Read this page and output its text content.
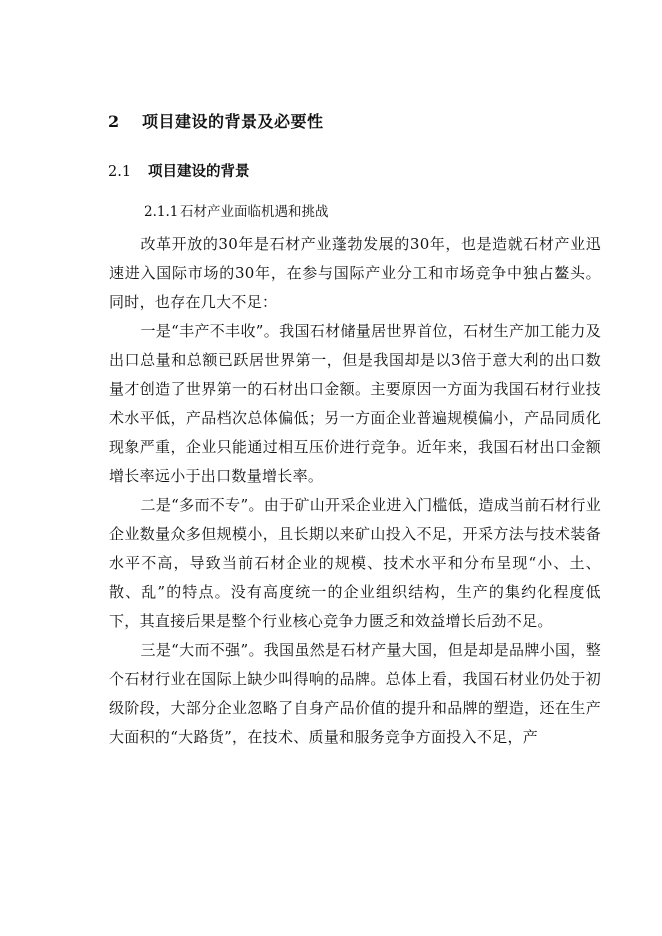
2 项目建设的背景及必要性
2.1 项目建设的背景
2.1.1 石材产业面临机遇和挑战

改革开放的30年是石材产业蓬勃发展的30年，也是造就石材产业迅速进入国际市场的30年，在参与国际产业分工和市场竞争中独占鳌头。同时，也存在几大不足：

一是“丰产不丰收”。我国石材储量居世界首位，石材生产加工能力及出口总量和总额已跃居世界第一，但是我国却是以3倍于意大利的出口数量才创造了世界第一的石材出口金额。主要原因一方面为我国石材行业技术水平低，产品档次总体偏低；另一方面企业普遍规模偏小，产品同质化现象严重，企业只能通过相互压价进行竞争。近年来，我国石材出口金额增长率远小于出口数量增长率。

二是“多而不专”。由于矿山开采企业进入门槛低，造成当前石材行业企业数量众多但规模小，且长期以来矿山投入不足，开采方法与技术装备水平不高，导致当前石材企业的规模、技术水平和分布呈现“小、土、散、乱”的特点。没有高度统一的企业组织结构，生产的集约化程度低下，其直接后果是整个行业核心竞争力匮乏和效益增长后劲不足。

三是“大而不强”。我国虽然是石材产量大国，但是却是品牌小国，整个石材行业在国际上缺少叫得响的品牌。总体上看，我国石材业仍处于初级阶段，大部分企业忽略了自身产品价值的提升和品牌的塑造，还在生产大面积的“大路货”，在技术、质量和服务竞争方面投入不足，产
